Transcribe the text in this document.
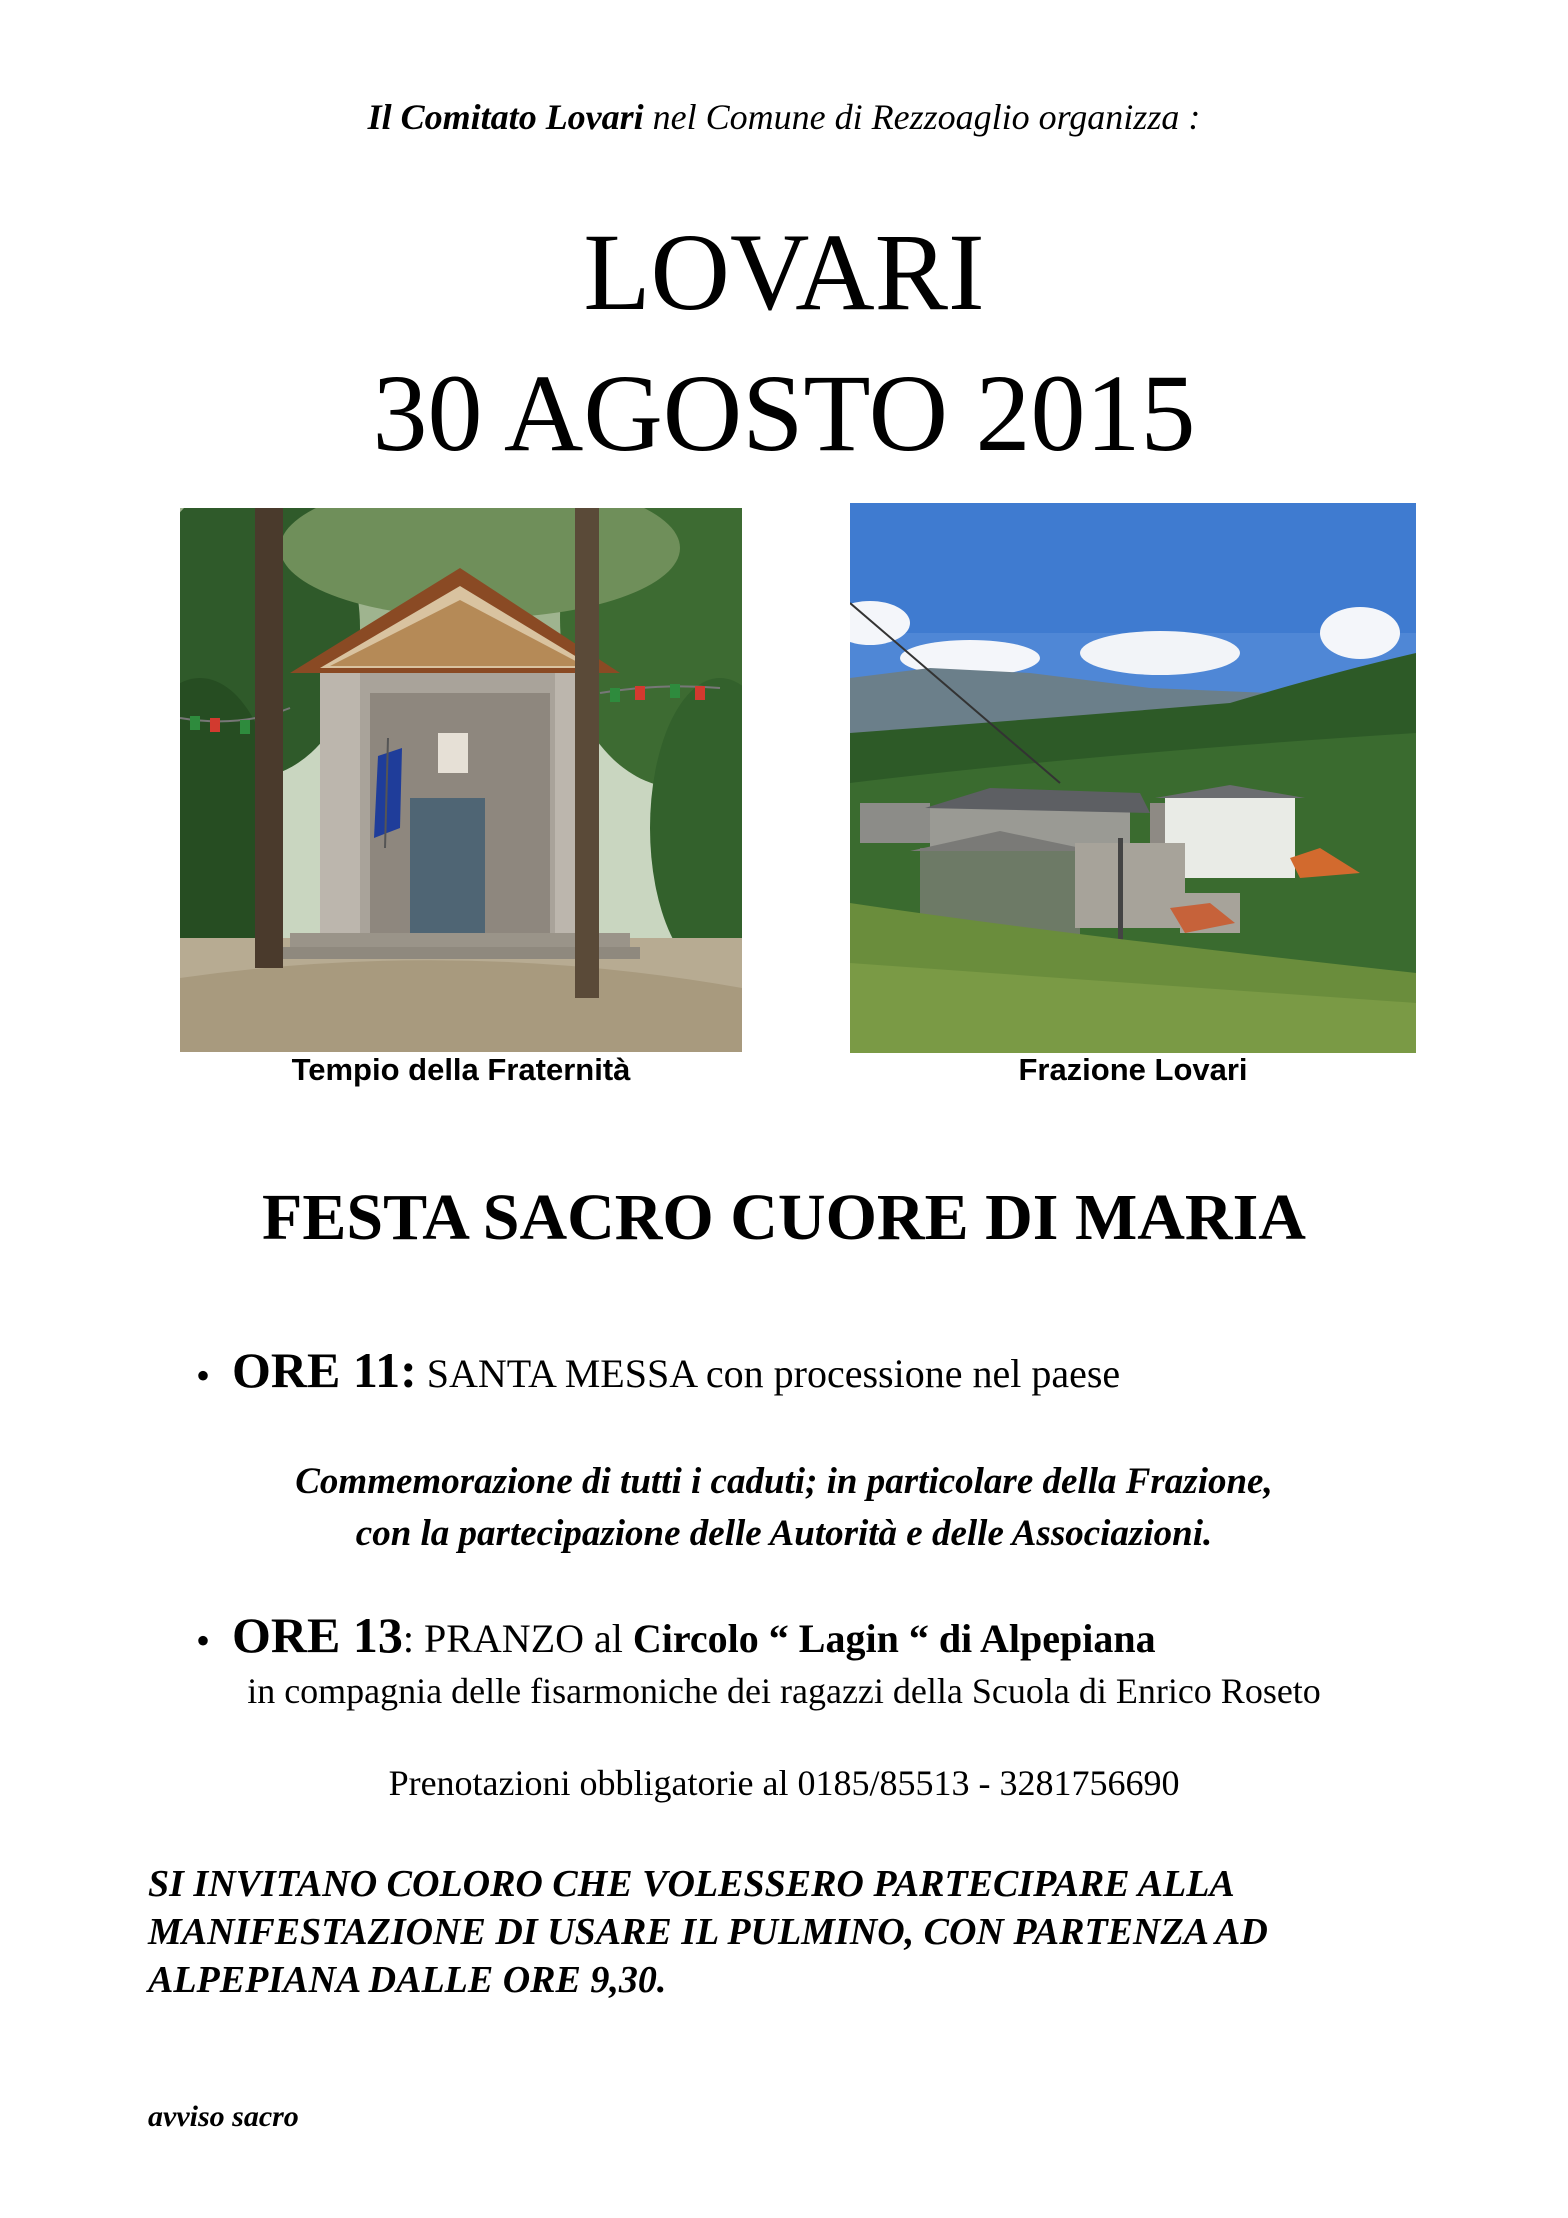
Il Comitato Lovari nel Comune di Rezzoaglio organizza :
LOVARI
30 AGOSTO 2015
Tempio della Fraternità	Frazione Lovari
FESTA SACRO CUORE DI MARIA
• ORE 11: SANTA MESSA con processione nel paese
Commemorazione di tutti i caduti; in particolare della Frazione,
con la partecipazione delle Autorità e delle Associazioni.
• ORE 13: PRANZO al Circolo “ Lagin “ di Alpepiana
in compagnia delle fisarmoniche dei ragazzi della Scuola di Enrico Roseto
Prenotazioni obbligatorie al 0185/85513 - 3281756690
SI INVITANO COLORO CHE VOLESSERO PARTECIPARE ALLA
MANIFESTAZIONE DI USARE IL PULMINO, CON PARTENZA AD
ALPEPIANA DALLE ORE 9,30.
avviso sacro
